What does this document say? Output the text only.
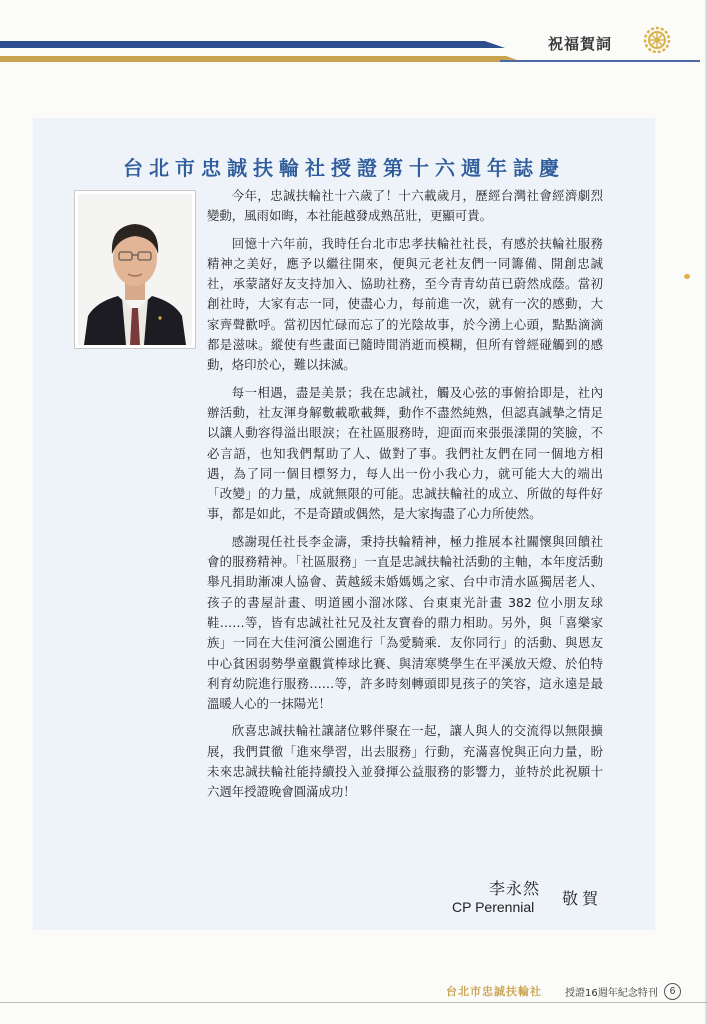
祝福賀詞
台北市忠誠扶輪社授證第十六週年誌慶

今年，忠誠扶輪社十六歲了！十六載歲月，歷經台灣社會經濟劇烈變動，風雨如晦，本社能越發成熟茁壯，更顯可貴。

回憶十六年前，我時任台北市忠孝扶輪社社長，有感於扶輪社服務精神之美好，應予以繼往開來，便與元老社友們一同籌備、開創忠誠社，承蒙諸好友支持加入、協助社務，至今青青幼苗已蔚然成蔭。當初創社時，大家有志一同，使盡心力，每前進一次，就有一次的感動，大家齊聲歡呼。當初因忙碌而忘了的光陰故事，於今湧上心頭，點點滴滴都是滋味。縱使有些畫面已隨時間消逝而模糊，但所有曾經碰觸到的感動，烙印於心，難以抹滅。

每一相遇，盡是美景；我在忠誠社，觸及心弦的事俯拾即是，社內辦活動，社友渾身解數載歌載舞，動作不盡然純熟，但認真誠摯之情足以讓人動容得溢出眼淚；在社區服務時，迎面而來張張漾開的笑臉，不必言語，也知我們幫助了人、做對了事。我們社友們在同一個地方相遇，為了同一個目標努力，每人出一份小我心力，就可能大大的端出「改變」的力量，成就無限的可能。忠誠扶輪社的成立、所做的每件好事，都是如此，不是奇蹟或偶然，是大家掏盡了心力所使然。

感謝現任社長李金濤，秉持扶輪精神，極力推展本社關懷與回饋社會的服務精神。「社區服務」一直是忠誠扶輪社活動的主軸，本年度活動舉凡捐助漸凍人協會、黃越綏未婚媽媽之家、台中市清水區獨居老人、孩子的書屋計畫、明道國小溜冰隊、台東東光計畫 382 位小朋友球鞋……等，皆有忠誠社社兄及社友寶眷的鼎力相助。另外，與「喜樂家族」一同在大佳河濱公園進行「為愛騎乘．友你同行」的活動、與恩友中心貧困弱勢學童觀賞棒球比賽、與清寒獎學生在平溪放天燈、於伯特利育幼院進行服務……等，許多時刻轉頭即見孩子的笑容，這永遠是最溫暖人心的一抹陽光！

欣喜忠誠扶輪社讓諸位夥伴聚在一起，讓人與人的交流得以無限擴展，我們貫徹「進來學習，出去服務」行動，充滿喜悅與正向力量，盼未來忠誠扶輪社能持續投入並發揮公益服務的影響力，並特於此祝願十六週年授證晚會圓滿成功！

李永然
CP Perennial 敬賀
台北市忠誠扶輪社 授證16週年紀念特刊	6
